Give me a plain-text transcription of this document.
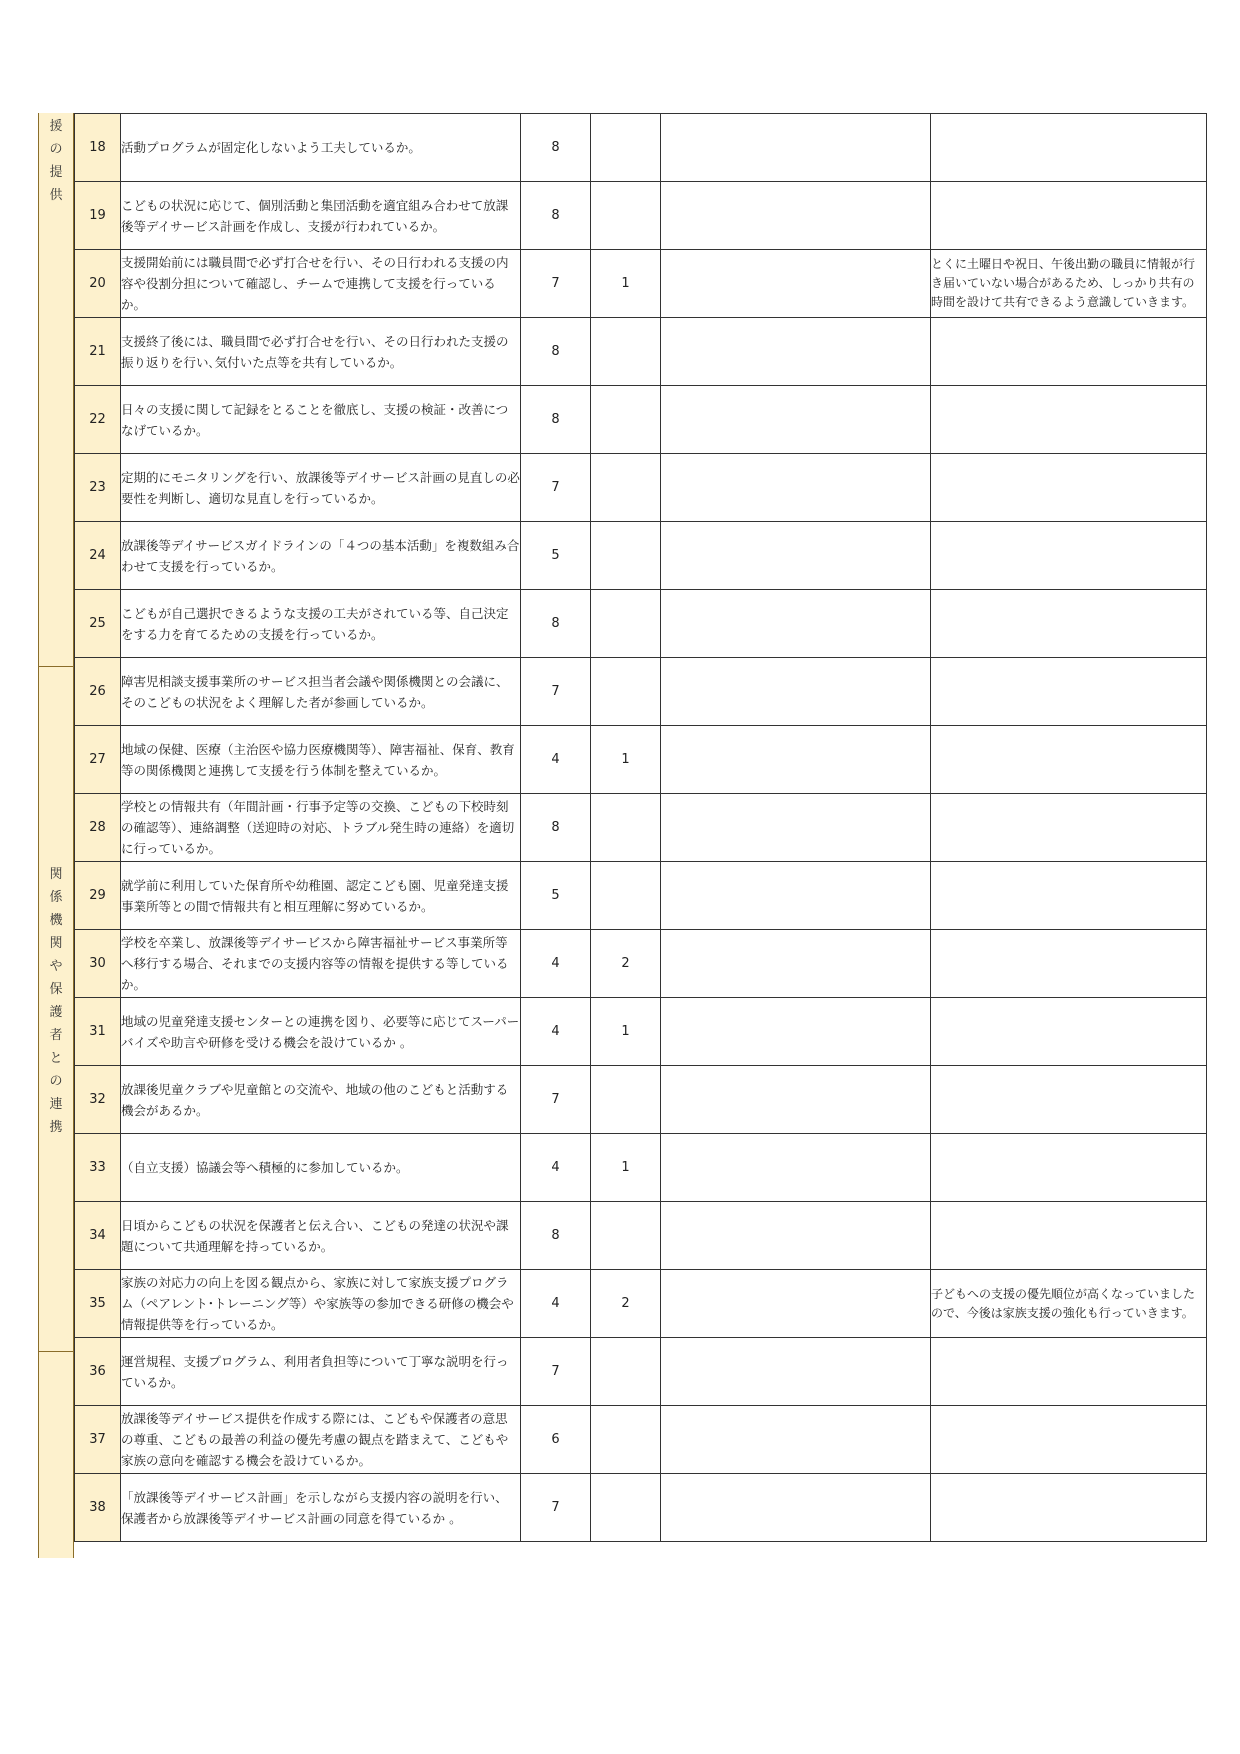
援
の
提
供
関
係
機
関
や
保
護
者
と
の
連
携
18	活動プログラムが固定化しないよう工夫しているか。	8			
19	こどもの状況に応じて、個別活動と集団活動を適宜組み合わせて放課後等デイサービス計画を作成し、支援が行われているか。	8			
20	支援開始前には職員間で必ず打合せを行い、その日行われる支援の内容や役割分担について確認し、チームで連携して支援を行っているか。	7	1		とくに土曜日や祝日、午後出勤の職員に情報が行き届いていない場合があるため、しっかり共有の時間を設けて共有できるよう意識していきます。
21	支援終了後には、職員間で必ず打合せを行い、その日行われた支援の振り返りを行い､気付いた点等を共有しているか。	8			
22	日々の支援に関して記録をとることを徹底し、支援の検証・改善につなげているか。	8			
23	定期的にモニタリングを行い、放課後等デイサービス計画の見直しの必要性を判断し、適切な見直しを行っているか。	7			
24	放課後等デイサービスガイドラインの「４つの基本活動」を複数組み合わせて支援を行っているか。	5			
25	こどもが自己選択できるような支援の工夫がされている等、自己決定をする力を育てるための支援を行っているか。	8			
26	障害児相談支援事業所のサービス担当者会議や関係機関との会議に、そのこどもの状況をよく理解した者が参画しているか。	7			
27	地域の保健、医療（主治医や協力医療機関等）、障害福祉、保育、教育等の関係機関と連携して支援を行う体制を整えているか。	4	1		
28	学校との情報共有（年間計画・行事予定等の交換、こどもの下校時刻の確認等）、連絡調整（送迎時の対応、トラブル発生時の連絡）を適切に行っているか。	8			
29	就学前に利用していた保育所や幼稚園、認定こども園、児童発達支援事業所等との間で情報共有と相互理解に努めているか。	5			
30	学校を卒業し、放課後等デイサービスから障害福祉サービス事業所等へ移行する場合、それまでの支援内容等の情報を提供する等しているか。	4	2		
31	地域の児童発達支援センターとの連携を図り、必要等に応じてスーパーバイズや助言や研修を受ける機会を設けているか 。	4	1		
32	放課後児童クラブや児童館との交流や、地域の他のこどもと活動する機会があるか。	7			
33	（自立支援）協議会等へ積極的に参加しているか。	4	1		
34	日頃からこどもの状況を保護者と伝え合い、こどもの発達の状況や課題について共通理解を持っているか。	8			
35	家族の対応力の向上を図る観点から、家族に対して家族支援プログラム（ペアレント･トレーニング等）や家族等の参加できる研修の機会や情報提供等を行っているか。	4	2		子どもへの支援の優先順位が高くなっていましたので、今後は家族支援の強化も行っていきます。
36	運営規程、支援プログラム、利用者負担等について丁寧な説明を行っているか。	7			
37	放課後等デイサービス提供を作成する際には、こどもや保護者の意思の尊重、こどもの最善の利益の優先考慮の観点を踏まえて、こどもや家族の意向を確認する機会を設けているか。	6			
38	「放課後等デイサービス計画」を示しながら支援内容の説明を行い、保護者から放課後等デイサービス計画の同意を得ているか 。	7			
